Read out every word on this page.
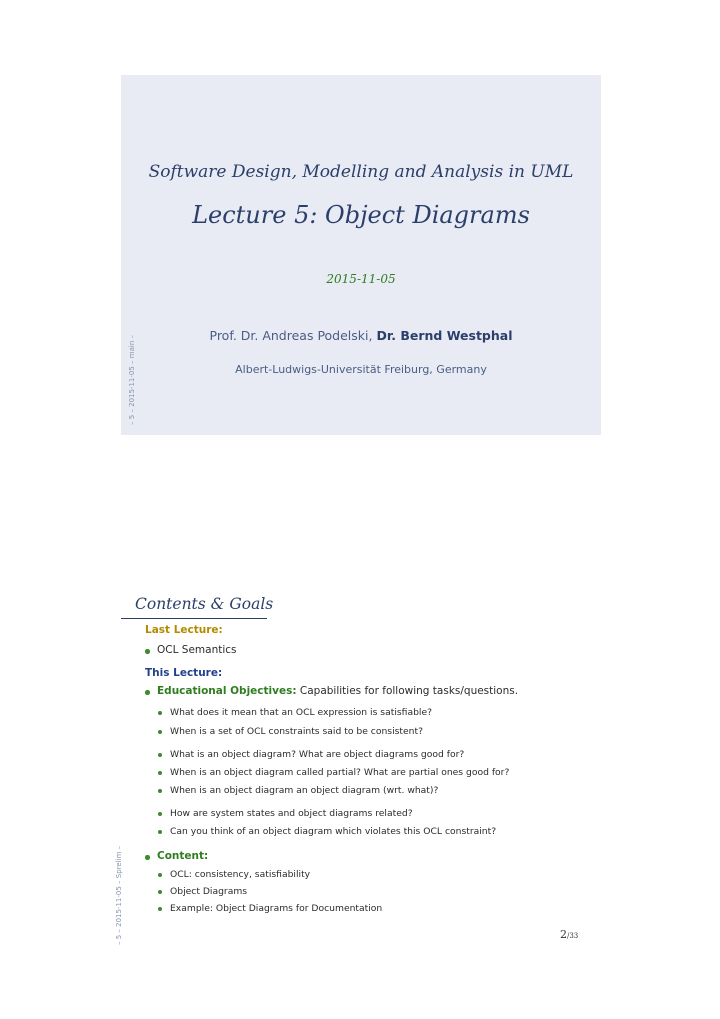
Software Design, Modelling and Analysis in UML
Lecture 5: Object Diagrams
2015-11-05
Prof. Dr. Andreas Podelski, Dr. Bernd Westphal
Albert-Ludwigs-Universität Freiburg, Germany
– 5 – 2015-11-05 – main –
Contents & Goals
Last Lecture:
OCL Semantics
This Lecture:
Educational Objectives: Capabilities for following tasks/questions.
What does it mean that an OCL expression is satisfiable?
When is a set of OCL constraints said to be consistent?
What is an object diagram? What are object diagrams good for?
When is an object diagram called partial? What are partial ones good for?
When is an object diagram an object diagram (wrt. what)?
How are system states and object diagrams related?
Can you think of an object diagram which violates this OCL constraint?
Content:
OCL: consistency, satisfiability
Object Diagrams
Example: Object Diagrams for Documentation
– 5 – 2015-11-05 – Sprelim –	2/33
